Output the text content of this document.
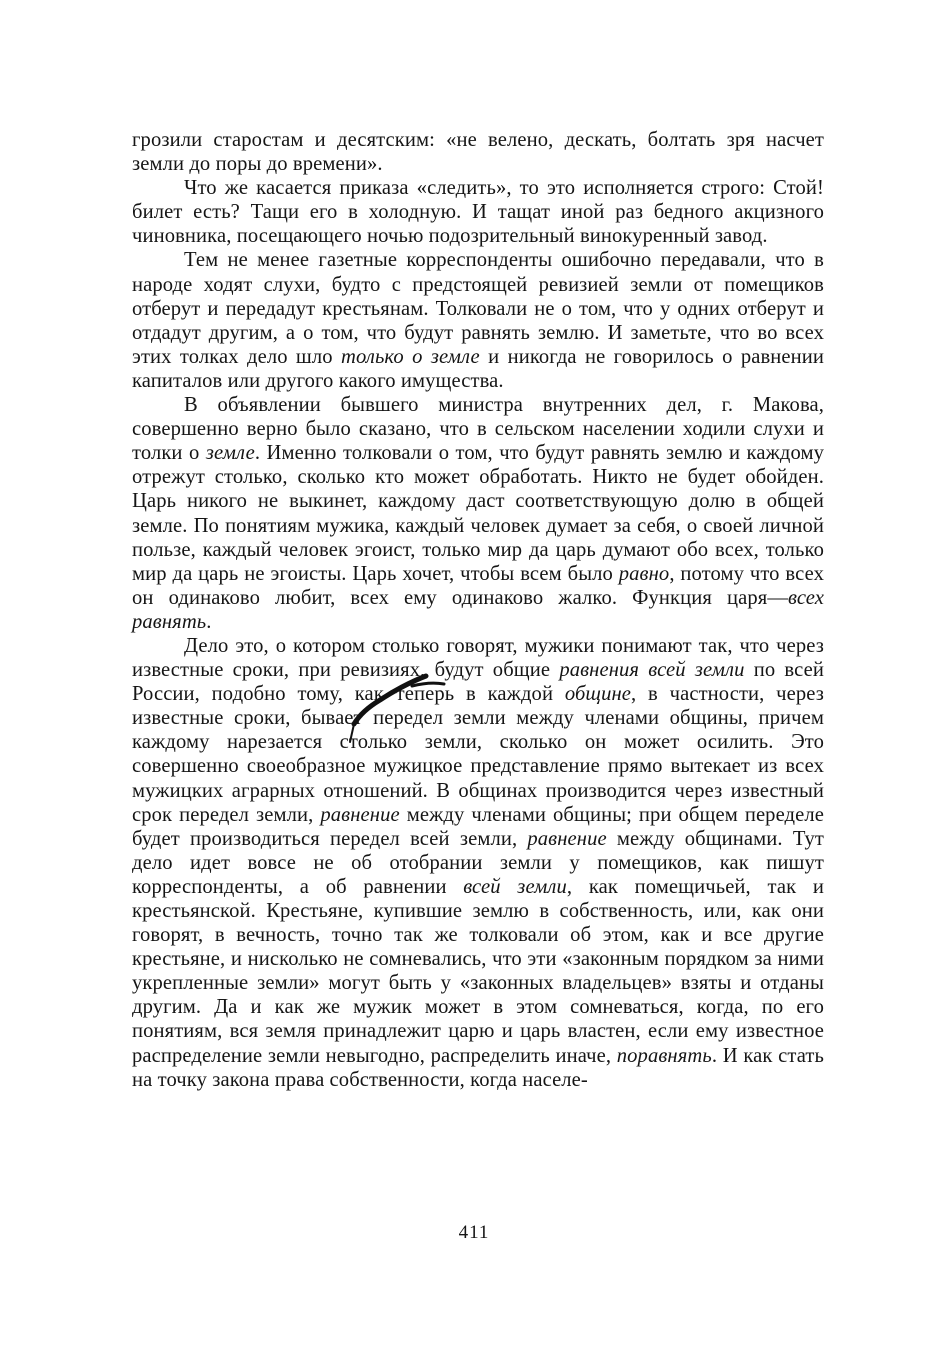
грозили старостам и десятским: «не велено, дескать, болтать зря насчет земли до поры до времени».

Что же касается приказа «следить», то это исполняется строго: Стой! билет есть? Тащи его в холодную. И тащат иной раз бедного акцизного чиновника, посещающего ночью подозрительный винокуренный завод.

Тем не менее газетные корреспонденты ошибочно передавали, что в народе ходят слухи, будто с предстоящей ревизией земли от помещиков отберут и передадут крестьянам. Толковали не о том, что у одних отберут и отдадут другим, а о том, что будут равнять землю. И заметьте, что во всех этих толках дело шло только о земле и никогда не говорилось о равнении капиталов или другого какого имущества.

В объявлении бывшего министра внутренних дел, г. Макова, совершенно верно было сказано, что в сельском населении ходили слухи и толки о земле. Именно толковали о том, что будут равнять землю и каждому отрежут столько, сколько кто может обработать. Никто не будет обойден. Царь никого не выкинет, каждому даст соответствующую долю в общей земле. По понятиям мужика, каждый человек думает за себя, о своей личной пользе, каждый человек эгоист, только мир да царь думают обо всех, только мир да царь не эгоисты. Царь хочет, чтобы всем было равно, потому что всех он одинаково любит, всех ему одинаково жалко. Функция царя—всех равнять.

Дело это, о котором столько говорят, мужики понимают так, что через известные сроки, при ревизиях, будут общие равнения всей земли по всей России, подобно тому, как теперь в каждой общине, в частности, через известные сроки, бывает передел земли между членами общины, причем каждому нарезается столько земли, сколько он может осилить. Это совершенно своеобразное мужицкое представление прямо вытекает из всех мужицких аграрных отношений. В общинах производится через известный срок передел земли, равнение между членами общины; при общем переделе будет производиться передел всей земли, равнение между общинами. Тут дело идет вовсе не об отобрании земли у помещиков, как пишут корреспонденты, а об равнении всей земли, как помещичьей, так и крестьянской. Крестьяне, купившие землю в собственность, или, как они говорят, в вечность, точно так же толковали об этом, как и все другие крестьяне, и нисколько не сомневались, что эти «законным порядком за ними укрепленные земли» могут быть у «законных владельцев» взяты и отданы другим. Да и как же мужик может в этом сомневаться, когда, по его понятиям, вся земля принадлежит царю и царь властен, если ему известное распределение земли невыгодно, распределить иначе, поравнять. И как стать на точку закона права собственности, когда населе-

411
